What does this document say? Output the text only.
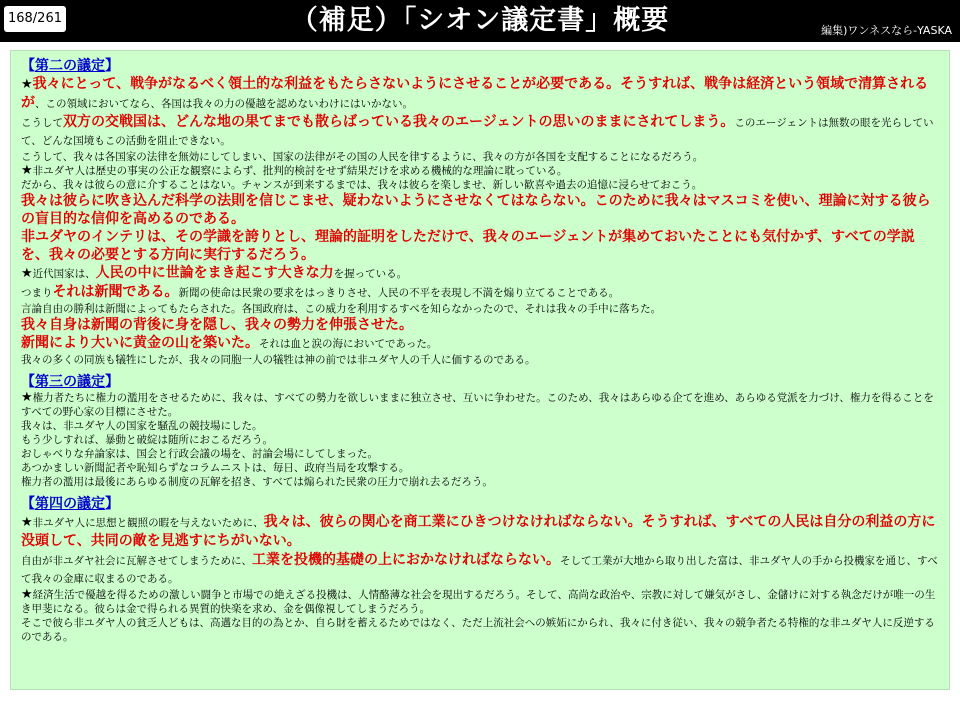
168/261	（補足）「シオン議定書」概要	編集)ワンネスなら-YASKA
【第二の議定】
★我々にとって、戦争がなるべく領土的な利益をもたらさないようにさせることが必要である。そうすれば、戦争は経済という領域で清算されるが、この領域においてなら、各国は我々の力の優越を認めないわけにはいかない。
こうして双方の交戦国は、どんな地の果てまでも散らばっている我々のエージェントの思いのままにされてしまう。このエージェントは無数の眼を光らしていて、どんな国境もこの活動を阻止できない。
こうして、我々は各国家の法律を無効にしてしまい、国家の法律がその国の人民を律するように、我々の方が各国を支配することになるだろう。
★非ユダヤ人は歴史の事実の公正な観察によらず、批判的検討をせず結果だけを求める機械的な理論に耽っている。
だから、我々は彼らの意に介することはない。チャンスが到来するまでは、我々は彼らを楽しませ、新しい歓喜や過去の追憶に浸らせておこう。
我々は彼らに吹き込んだ科学の法則を信じこませ、疑わないようにさせなくてはならない。このために我々はマスコミを使い、理論に対する彼らの盲目的な信仰を高めるのである。
非ユダヤのインテリは、その学識を誇りとし、理論的証明をしただけで、我々のエージェントが集めておいたことにも気付かず、すべての学説を、我々の必要とする方向に実行するだろう。
★近代国家は、人民の中に世論をまき起こす大きな力を握っている。
つまりそれは新聞である。新聞の使命は民衆の要求をはっきりさせ、人民の不平を表現し不満を煽り立てることである。
言論自由の勝利は新聞によってもたらされた。各国政府は、この威力を利用するすべを知らなかったので、それは我々の手中に落ちた。
我々自身は新聞の背後に身を隠し、我々の勢力を伸張させた。
新聞により大いに黄金の山を築いた。それは血と涙の海においてであった。
我々の多くの同族も犠牲にしたが、我々の同胞一人の犠牲は神の前では非ユダヤ人の千人に価するのである。
【第三の議定】
★権力者たちに権力の濫用をさせるために、我々は、すべての勢力を欲しいままに独立させ、互いに争わせた。このため、我々はあらゆる企てを進め、あらゆる党派を力づけ、権力を得ることをすべての野心家の目標にさせた。
我々は、非ユダヤ人の国家を騒乱の競技場にした。
もう少しすれば、暴動と破綻は随所におこるだろう。
おしゃべりな弁論家は、国会と行政会議の場を、討論会場にしてしまった。
あつかましい新聞記者や恥知らずなコラムニストは、毎日、政府当局を攻撃する。
権力者の濫用は最後にあらゆる制度の瓦解を招き、すべては煽られた民衆の圧力で崩れ去るだろう。
【第四の議定】
★非ユダヤ人に思想と観照の暇を与えないために、我々は、彼らの関心を商工業にひきつけなければならない。そうすれば、すべての人民は自分の利益の方に没頭して、共同の敵を見逃すにちがいない。
自由が非ユダヤ社会に瓦解させてしまうために、工業を投機的基礎の上におかなければならない。そして工業が大地から取り出した富は、非ユダヤ人の手から投機家を通じ、すべて我々の金庫に収まるのである。
★経済生活で優越を得るための激しい闘争と市場での絶えざる投機は、人情酪薄な社会を現出するだろう。そして、高尚な政治や、宗教に対して嫌気がさし、金儲けに対する執念だけが唯一の生き甲斐になる。彼らは金で得られる異質的快楽を求め、金を偶像視してしまうだろう。
そこで彼ら非ユダヤ人の貧乏人どもは、高邁な目的の為とか、自ら財を蓄えるためではなく、ただ上流社会への嫉妬にかられ、我々に付き従い、我々の競争者たる特権的な非ユダヤ人に反逆するのである。
